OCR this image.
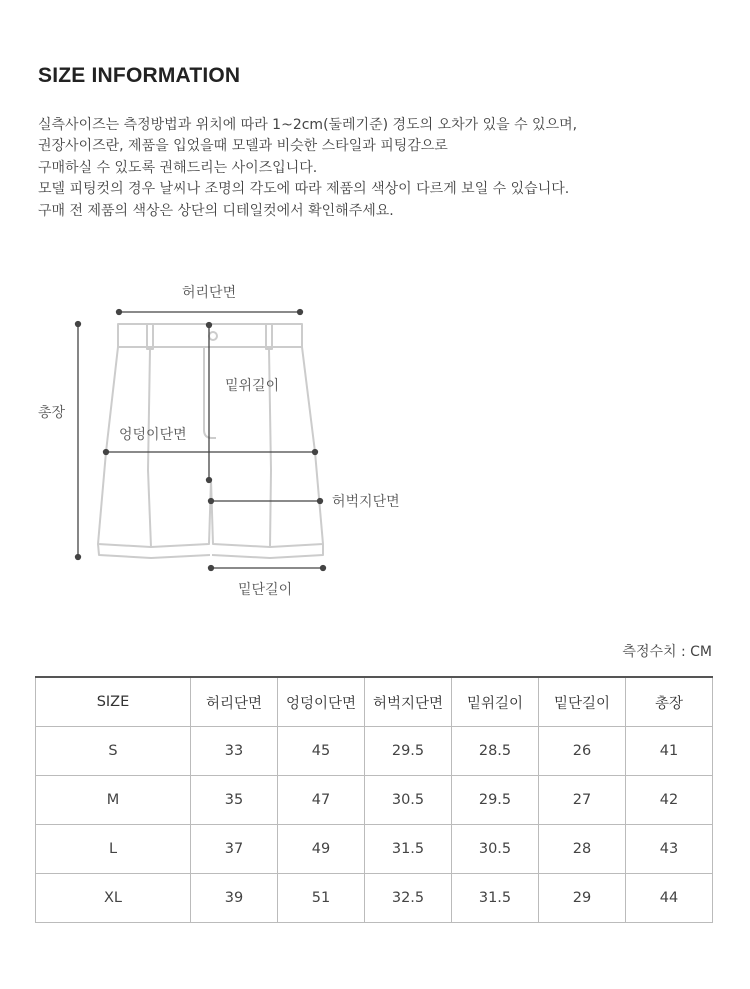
SIZE INFORMATION
실측사이즈는 측정방법과 위치에 따라 1~2cm(둘레기준) 경도의 오차가 있을 수 있으며,
권장사이즈란, 제품을 입었을때 모델과 비슷한 스타일과 피팅감으로
구매하실 수 있도록 권해드리는 사이즈입니다.
모델 피팅컷의 경우 날씨나 조명의 각도에 따라 제품의 색상이 다르게 보일 수 있습니다.
구매 전 제품의 색상은 상단의 디테일컷에서 확인해주세요.
허리단면
총장
밑위길이
엉덩이단면
허벅지단면
밑단길이
측정수치 : CM
SIZE	허리단면	엉덩이단면	허벅지단면	밑위길이	밑단길이	총장
S	33	45	29.5	28.5	26	41
M	35	47	30.5	29.5	27	42
L	37	49	31.5	30.5	28	43
XL	39	51	32.5	31.5	29	44
